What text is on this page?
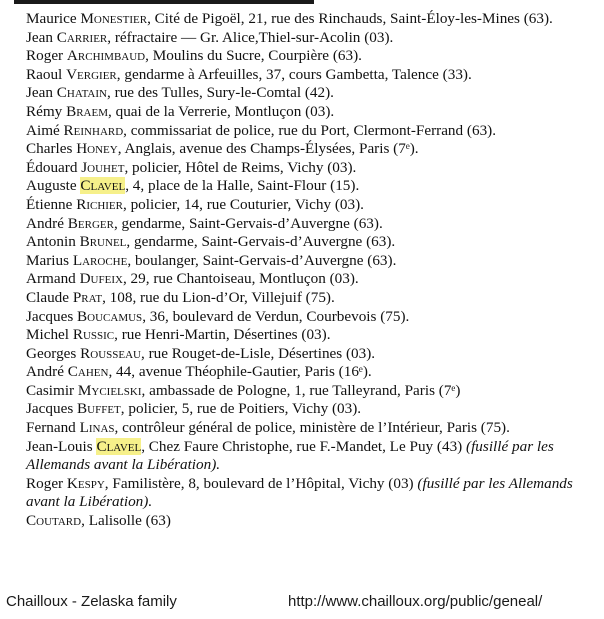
Maurice Monestier, Cité de Pigoël, 21, rue des Rinchauds, Saint-Éloy-les-Mines (63).

Jean Carrier, réfractaire — Gr. Alice,Thiel-sur-Acolin (03).

Roger Archimbaud, Moulins du Sucre, Courpière (63).

Raoul Vergier, gendarme à Arfeuilles, 37, cours Gambetta, Talence (33).

Jean Chatain, rue des Tulles, Sury-le-Comtal (42).

Rémy Braem, quai de la Verrerie, Montluçon (03).

Aimé Reinhard, commissariat de police, rue du Port, Clermont-Ferrand (63).

Charles Honey, Anglais, avenue des Champs-Élysées, Paris (7ᵉ).

Édouard Jouhet, policier, Hôtel de Reims, Vichy (03).

Auguste Clavel, 4, place de la Halle, Saint-Flour (15).

Étienne Richier, policier, 14, rue Couturier, Vichy (03).

André Berger, gendarme, Saint-Gervais-d’Auvergne (63).

Antonin Brunel, gendarme, Saint-Gervais-d’Auvergne (63).

Marius Laroche, boulanger, Saint-Gervais-d’Auvergne (63).

Armand Dufeix, 29, rue Chantoiseau, Montluçon (03).

Claude Prat, 108, rue du Lion-d’Or, Villejuif (75).

Jacques Boucamus, 36, boulevard de Verdun, Courbevois (75).

Michel Russic, rue Henri-Martin, Désertines (03).

Georges Rousseau, rue Rouget-de-Lisle, Désertines (03).

André Cahen, 44, avenue Théophile-Gautier, Paris (16ᵉ).

Casimir Mycielski, ambassade de Pologne, 1, rue Talleyrand, Paris (7ᵉ)

Jacques Buffet, policier, 5, rue de Poitiers, Vichy (03).

Fernand Linas, contrôleur général de police, ministère de l’Intérieur, Paris (75).

Jean-Louis Clavel, Chez Faure Christophe, rue F.-Mandet, Le Puy (43) (fusillé par les Allemands avant la Libération).

Roger Kespy, Familistère, 8, boulevard de l’Hôpital, Vichy (03) (fusillé par les Allemands avant la Libération).

Coutard, Lalisolle (63)

Chailloux - Zelaska family	http://www.chailloux.org/public/geneal/
